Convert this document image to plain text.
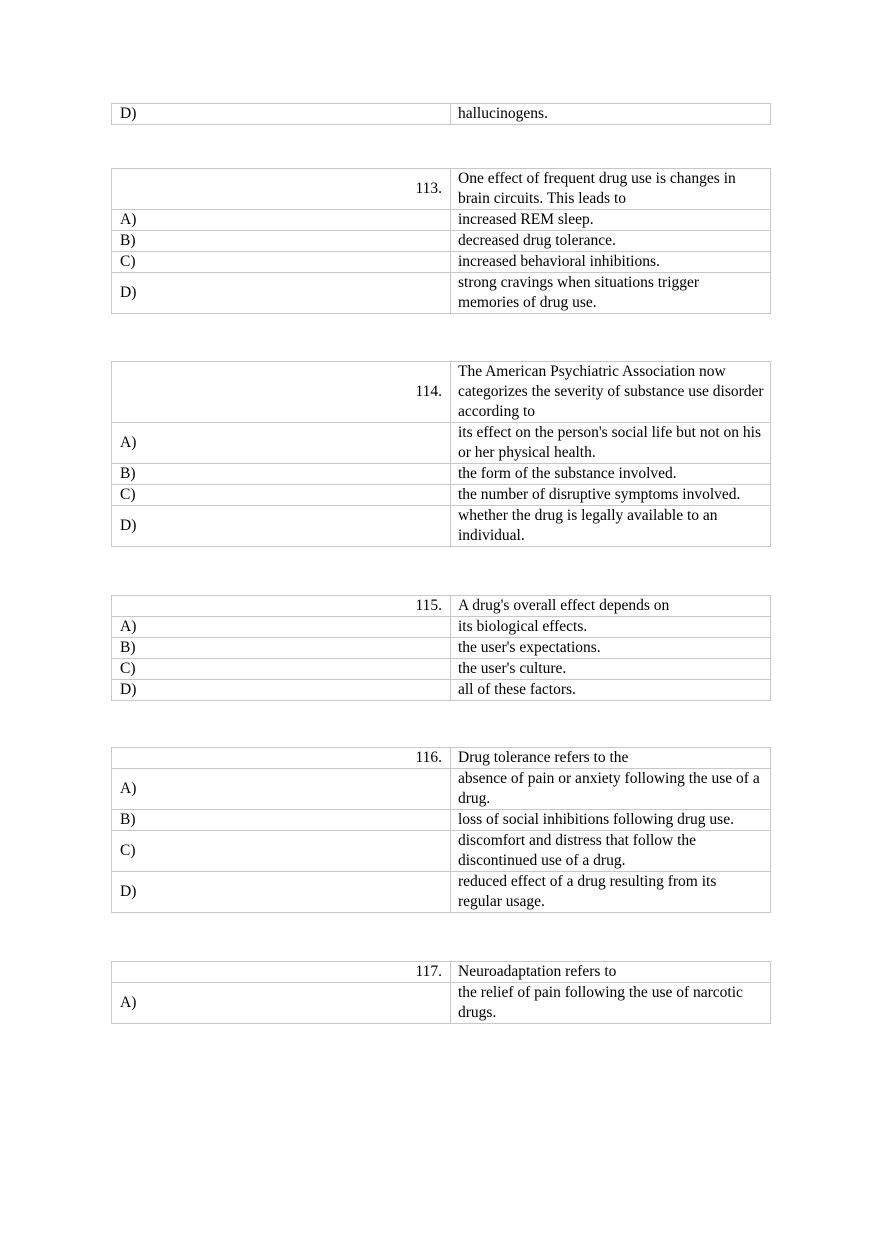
D)	hallucinogens.
113.	One effect of frequent drug use is changes in brain circuits. This leads to
A)	increased REM sleep.
B)	decreased drug tolerance.
C)	increased behavioral inhibitions.
D)	strong cravings when situations trigger memories of drug use.
114.	The American Psychiatric Association now categorizes the severity of substance use disorder according to
A)	its effect on the person's social life but not on his or her physical health.
B)	the form of the substance involved.
C)	the number of disruptive symptoms involved.
D)	whether the drug is legally available to an individual.
115.	A drug's overall effect depends on
A)	its biological effects.
B)	the user's expectations.
C)	the user's culture.
D)	all of these factors.
116.	Drug tolerance refers to the
A)	absence of pain or anxiety following the use of a drug.
B)	loss of social inhibitions following drug use.
C)	discomfort and distress that follow the discontinued use of a drug.
D)	reduced effect of a drug resulting from its regular usage.
117.	Neuroadaptation refers to
A)	the relief of pain following the use of narcotic drugs.
